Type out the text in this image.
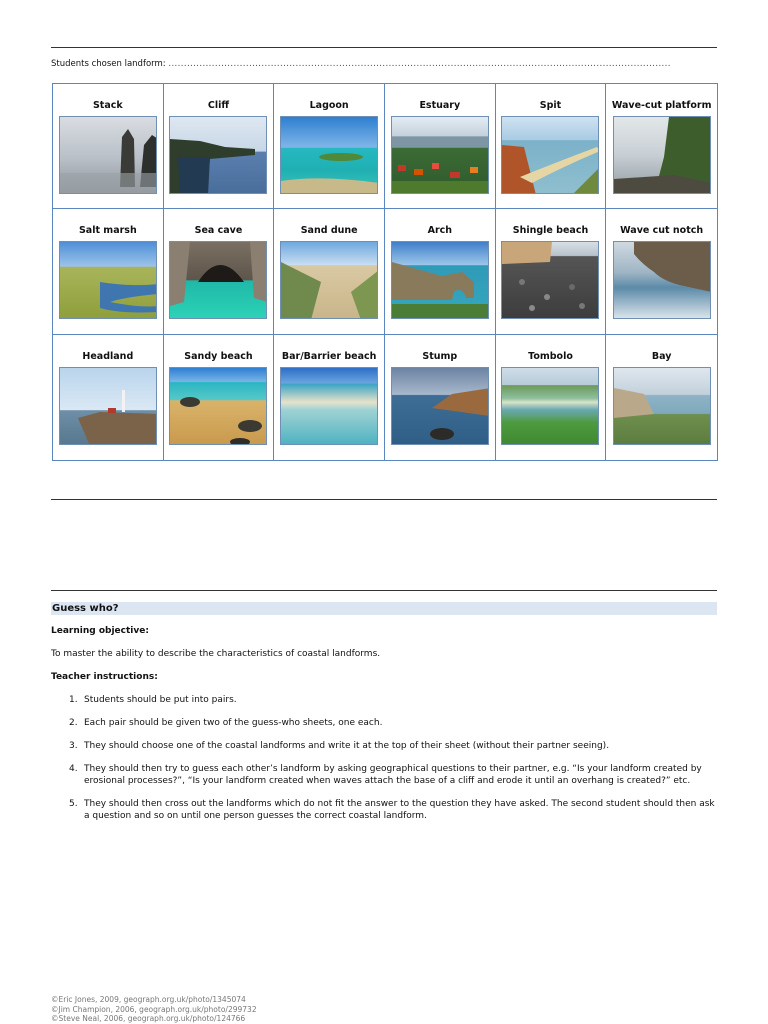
Students chosen landform: ..................................................................................................................................................................
Stack	Cliff	Lagoon	Estuary	Spit	Wave-cut platform
Salt marsh	Sea cave	Sand dune	Arch	Shingle beach	Wave cut notch
Headland	Sandy beach	Bar/Barrier beach	Stump	Tombolo	Bay
Guess who?
Learning objective:
To master the ability to describe the characteristics of coastal landforms.
Teacher instructions:
1. Students should be put into pairs.
2. Each pair should be given two of the guess-who sheets, one each.
3. They should choose one of the coastal landforms and write it at the top of their sheet (without their partner seeing).
4. They should then try to guess each other’s landform by asking geographical questions to their partner, e.g. “Is your landform created by erosional processes?”, “Is your landform created when waves attach the base of a cliff and erode it until an overhang is created?” etc.
5. They should then cross out the landforms which do not fit the answer to the question they have asked. The second student should then ask a question and so on until one person guesses the correct coastal landform.
©Eric Jones, 2009, geograph.org.uk/photo/1345074
©Jim Champion, 2006, geograph.org.uk/photo/299732
©Steve Neal, 2006, geograph.org.uk/photo/124766
